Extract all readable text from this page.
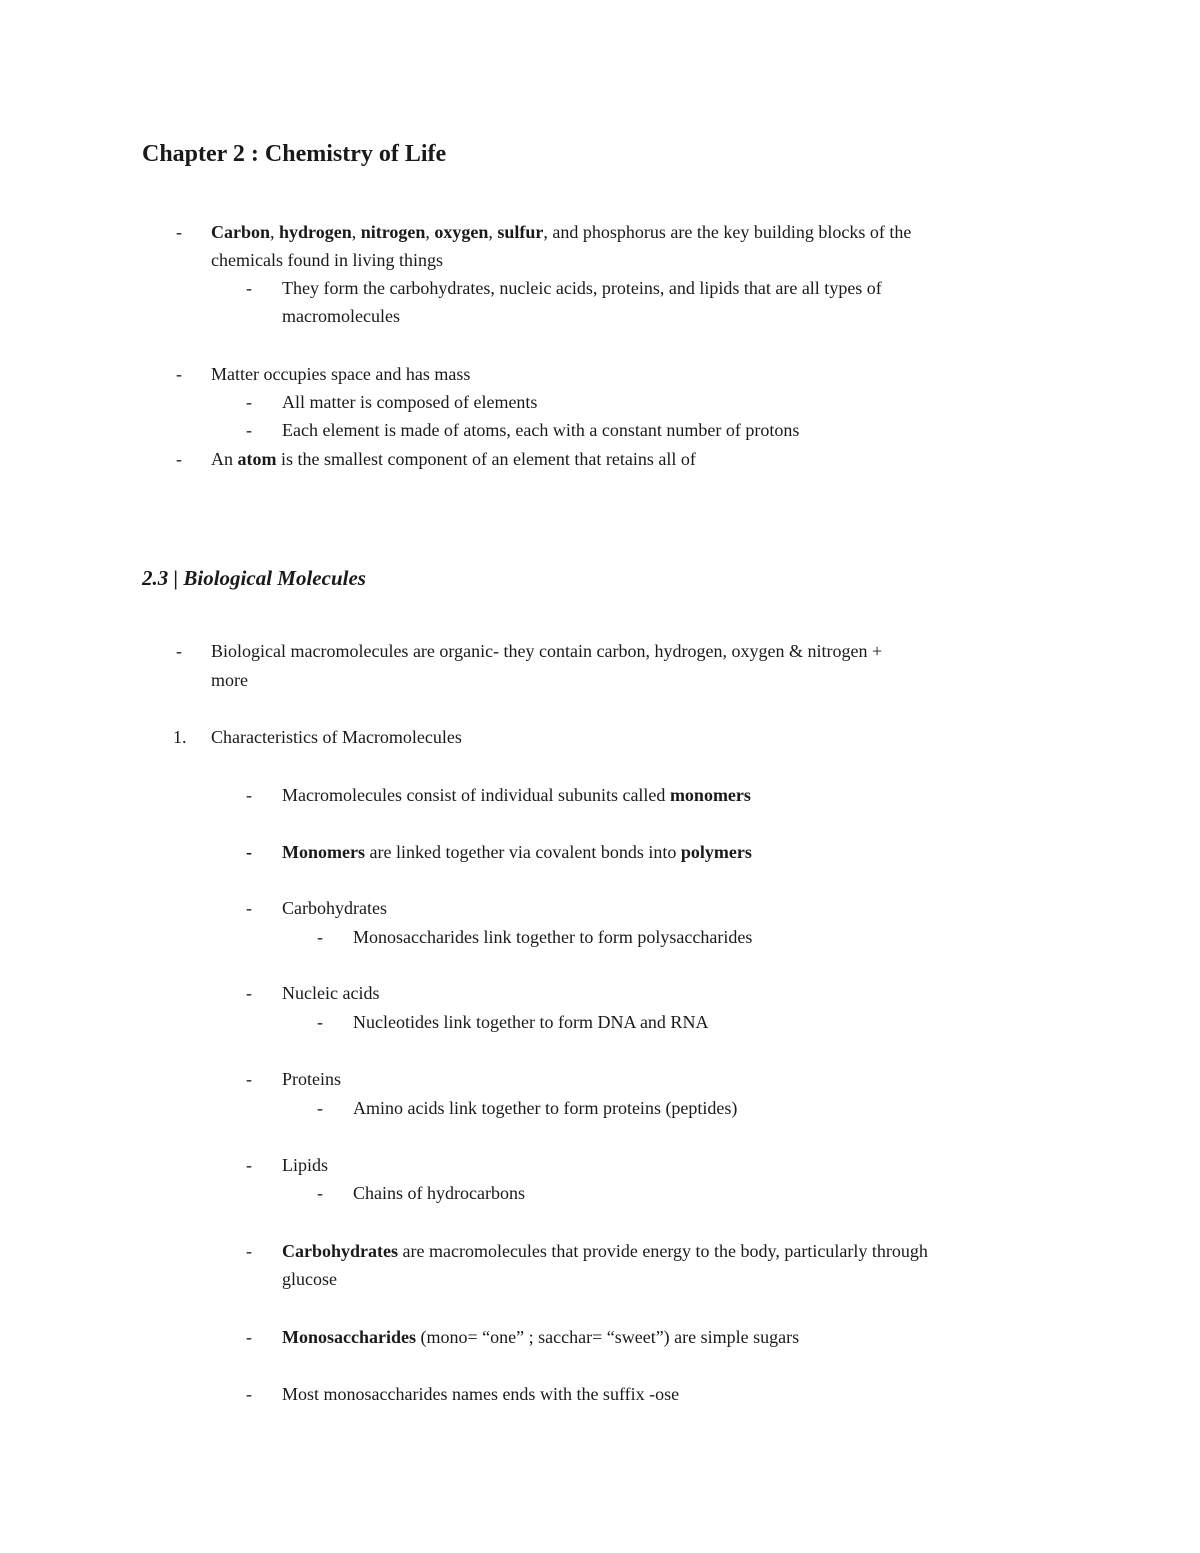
Chapter 2 : Chemistry of Life
- Carbon, hydrogen, nitrogen, oxygen, sulfur, and phosphorus are the key building blocks of the
chemicals found in living things
- They form the carbohydrates, nucleic acids, proteins, and lipids that are all types of
macromolecules
- Matter occupies space and has mass
- All matter is composed of elements
- Each element is made of atoms, each with a constant number of protons
- An atom is the smallest component of an element that retains all of
2.3 | Biological Molecules
- Biological macromolecules are organic- they contain carbon, hydrogen, oxygen & nitrogen +
more
1. Characteristics of Macromolecules
- Macromolecules consist of individual subunits called monomers
- Monomers are linked together via covalent bonds into polymers
- Carbohydrates
- Monosaccharides link together to form polysaccharides
- Nucleic acids
- Nucleotides link together to form DNA and RNA
- Proteins
- Amino acids link together to form proteins (peptides)
- Lipids
- Chains of hydrocarbons
- Carbohydrates are macromolecules that provide energy to the body, particularly through
glucose
- Monosaccharides (mono= “one” ; sacchar= “sweet”) are simple sugars
- Most monosaccharides names ends with the suffix -ose
